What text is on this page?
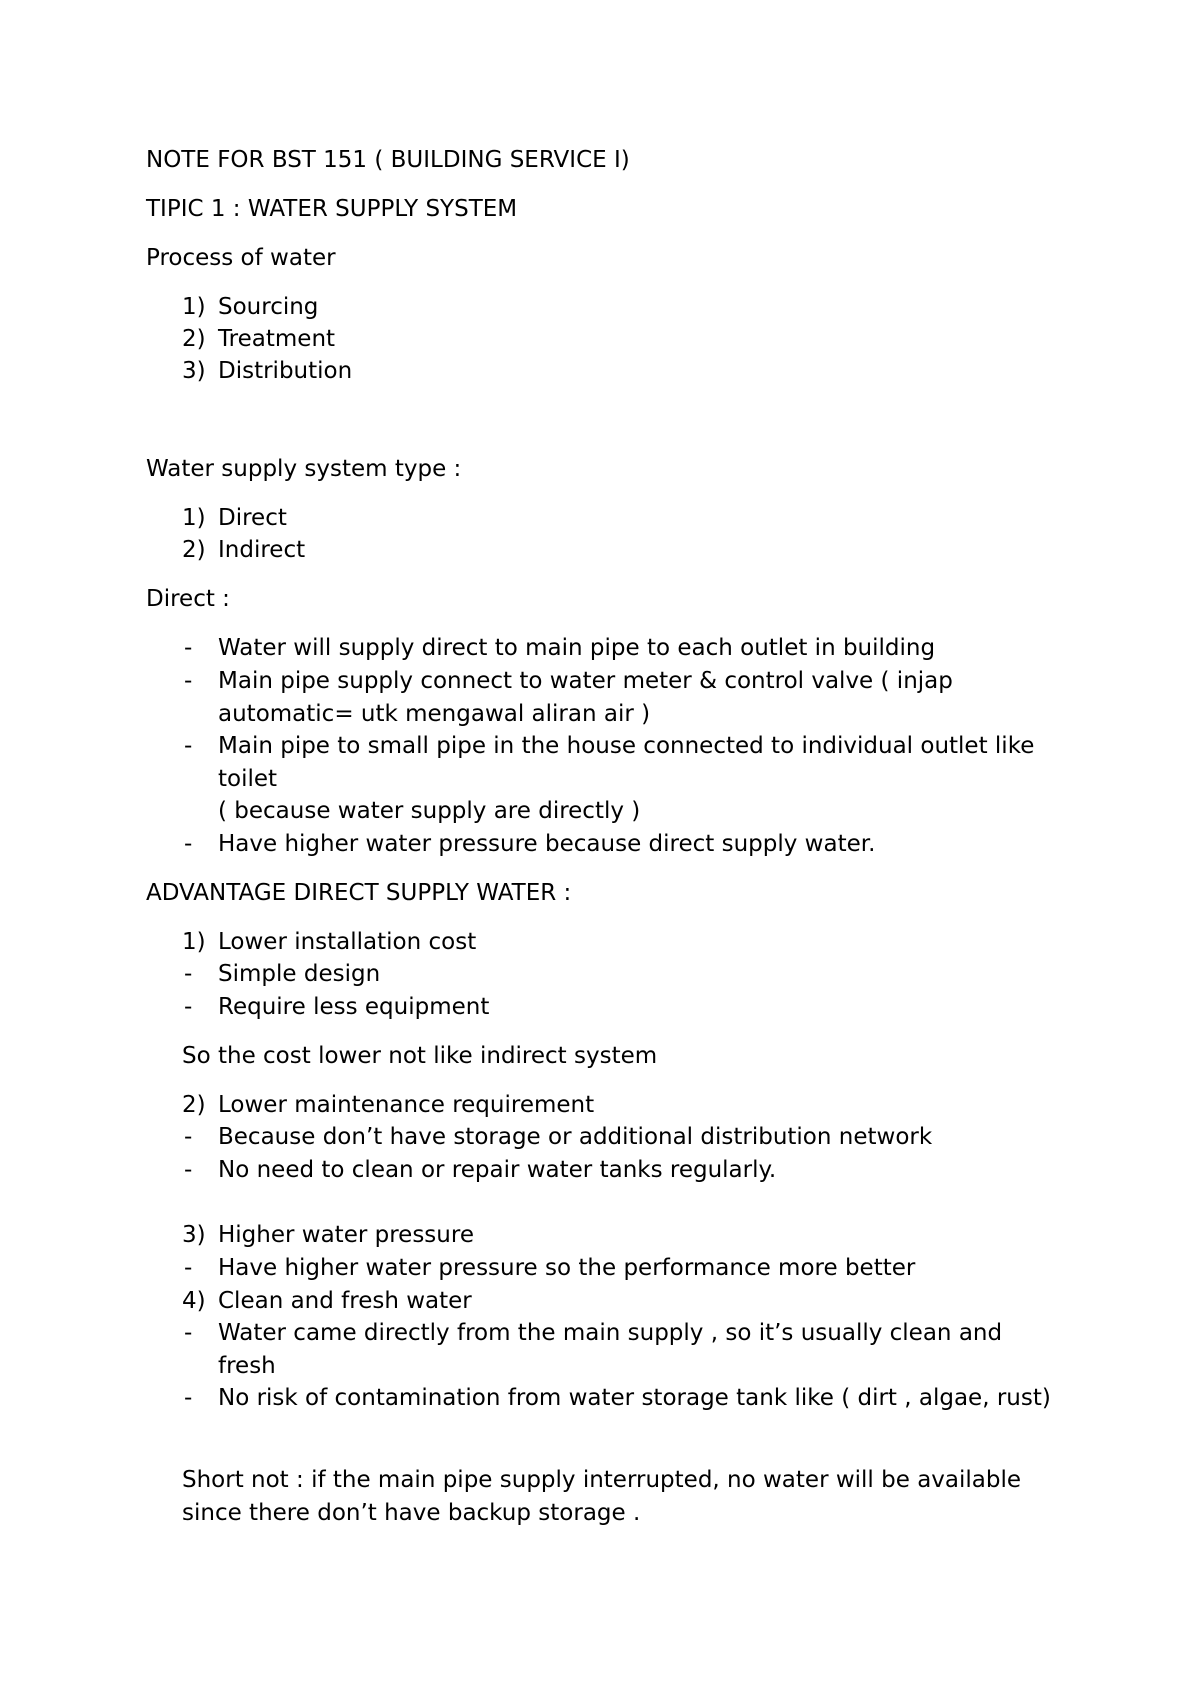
NOTE FOR BST 151 ( BUILDING SERVICE I)
TIPIC 1 : WATER SUPPLY SYSTEM
Process of water
1) Sourcing
2) Treatment
3) Distribution
Water supply system type :
1) Direct
2) Indirect
Direct :
-	Water will supply direct to main pipe to each outlet in building
-	Main pipe supply connect to water meter & control valve ( injap automatic= utk mengawal aliran air )
-	Main pipe to small pipe in the house connected to individual outlet like toilet
( because water supply are directly )
-	Have higher water pressure because direct supply water.
ADVANTAGE DIRECT SUPPLY WATER :
1) Lower installation cost
-	Simple design
-	Require less equipment
So the cost lower not like indirect system
2) Lower maintenance requirement
-	Because don’t have storage or additional distribution network
-	No need to clean or repair water tanks regularly.
3) Higher water pressure
-	Have higher water pressure so the performance more better
4) Clean and fresh water
-	Water came directly from the main supply , so it’s usually clean and fresh
-	No risk of contamination from water storage tank like ( dirt , algae, rust)
Short not : if the main pipe supply interrupted, no water will be available since there don’t have backup storage .
